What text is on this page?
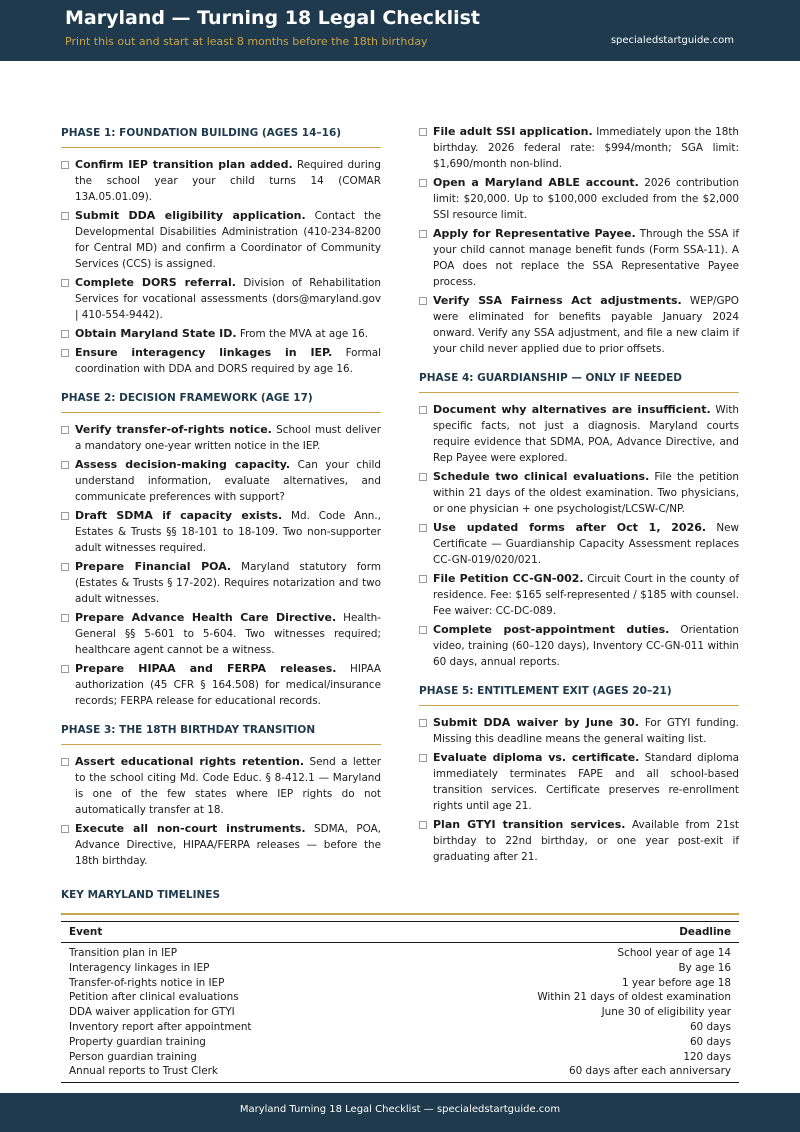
Maryland — Turning 18 Legal Checklist
Print this out and start at least 8 months before the 18th birthday	specialedstartguide.com
PHASE 1: FOUNDATION BUILDING (AGES 14–16)
Confirm IEP transition plan added. Required during the school year your child turns 14 (COMAR 13A.05.01.09).
Submit DDA eligibility application. Contact the Developmental Disabilities Administration (410-234-8200 for Central MD) and confirm a Coordinator of Community Services (CCS) is assigned.
Complete DORS referral. Division of Rehabilitation Services for vocational assessments (dors@maryland.gov | 410-554-9442).
Obtain Maryland State ID. From the MVA at age 16.
Ensure interagency linkages in IEP. Formal coordination with DDA and DORS required by age 16.
PHASE 2: DECISION FRAMEWORK (AGE 17)
Verify transfer-of-rights notice. School must deliver a mandatory one-year written notice in the IEP.
Assess decision-making capacity. Can your child understand information, evaluate alternatives, and communicate preferences with support?
Draft SDMA if capacity exists. Md. Code Ann., Estates & Trusts §§ 18-101 to 18-109. Two non-supporter adult witnesses required.
Prepare Financial POA. Maryland statutory form (Estates & Trusts § 17-202). Requires notarization and two adult witnesses.
Prepare Advance Health Care Directive. Health-General §§ 5-601 to 5-604. Two witnesses required; healthcare agent cannot be a witness.
Prepare HIPAA and FERPA releases. HIPAA authorization (45 CFR § 164.508) for medical/insurance records; FERPA release for educational records.
PHASE 3: THE 18TH BIRTHDAY TRANSITION
Assert educational rights retention. Send a letter to the school citing Md. Code Educ. § 8-412.1 — Maryland is one of the few states where IEP rights do not automatically transfer at 18.
Execute all non-court instruments. SDMA, POA, Advance Directive, HIPAA/FERPA releases — before the 18th birthday.
File adult SSI application. Immediately upon the 18th birthday. 2026 federal rate: $994/month; SGA limit: $1,690/month non-blind.
Open a Maryland ABLE account. 2026 contribution limit: $20,000. Up to $100,000 excluded from the $2,000 SSI resource limit.
Apply for Representative Payee. Through the SSA if your child cannot manage benefit funds (Form SSA-11). A POA does not replace the SSA Representative Payee process.
Verify SSA Fairness Act adjustments. WEP/GPO were eliminated for benefits payable January 2024 onward. Verify any SSA adjustment, and file a new claim if your child never applied due to prior offsets.
PHASE 4: GUARDIANSHIP — ONLY IF NEEDED
Document why alternatives are insufficient. With specific facts, not just a diagnosis. Maryland courts require evidence that SDMA, POA, Advance Directive, and Rep Payee were explored.
Schedule two clinical evaluations. File the petition within 21 days of the oldest examination. Two physicians, or one physician + one psychologist/LCSW-C/NP.
Use updated forms after Oct 1, 2026. New Certificate — Guardianship Capacity Assessment replaces CC-GN-019/020/021.
File Petition CC-GN-002. Circuit Court in the county of residence. Fee: $165 self-represented / $185 with counsel. Fee waiver: CC-DC-089.
Complete post-appointment duties. Orientation video, training (60–120 days), Inventory CC-GN-011 within 60 days, annual reports.
PHASE 5: ENTITLEMENT EXIT (AGES 20–21)
Submit DDA waiver by June 30. For GTYI funding. Missing this deadline means the general waiting list.
Evaluate diploma vs. certificate. Standard diploma immediately terminates FAPE and all school-based transition services. Certificate preserves re-enrollment rights until age 21.
Plan GTYI transition services. Available from 21st birthday to 22nd birthday, or one year post-exit if graduating after 21.
KEY MARYLAND TIMELINES
Event	Deadline
Transition plan in IEP	School year of age 14
Interagency linkages in IEP	By age 16
Transfer-of-rights notice in IEP	1 year before age 18
Petition after clinical evaluations	Within 21 days of oldest examination
DDA waiver application for GTYI	June 30 of eligibility year
Inventory report after appointment	60 days
Property guardian training	60 days
Person guardian training	120 days
Annual reports to Trust Clerk	60 days after each anniversary
Maryland Turning 18 Legal Checklist — specialedstartguide.com
